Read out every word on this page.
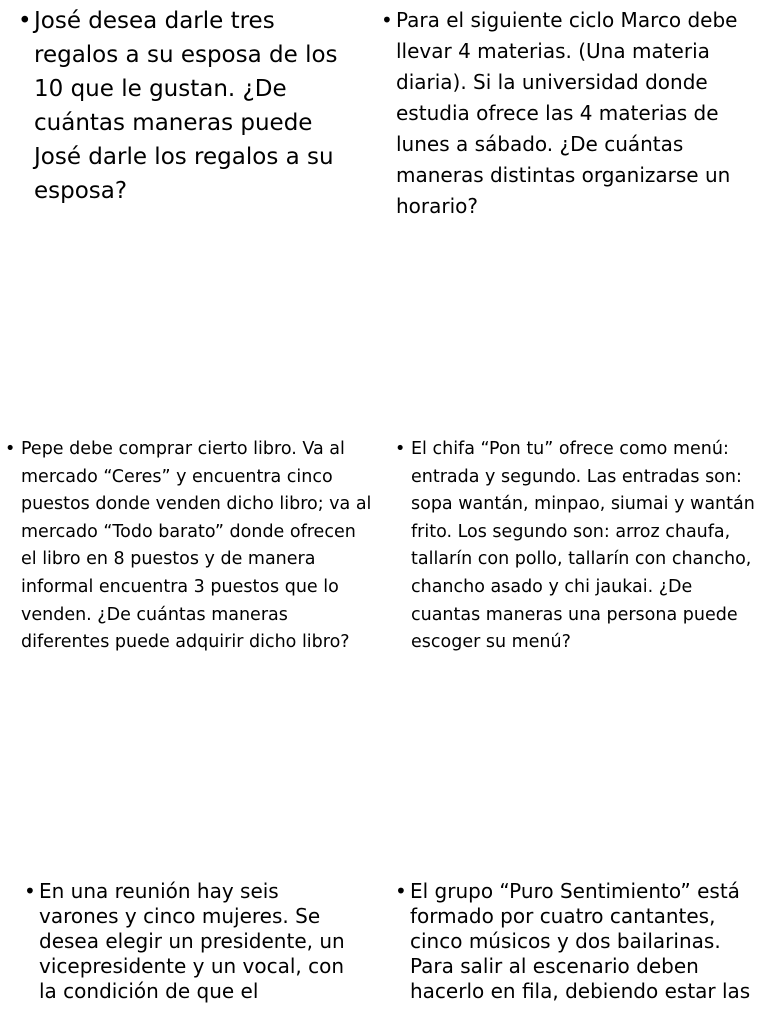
• José desea darle tres regalos a su esposa de los 10 que le gustan. ¿De cuántas maneras puede José darle los regalos a su esposa?
• Para el siguiente ciclo Marco debe llevar 4 materias. (Una materia diaria). Si la universidad donde estudia ofrece las 4 materias de lunes a sábado. ¿De cuántas maneras distintas organizarse un horario?
• Pepe debe comprar cierto libro. Va al mercado “Ceres” y encuentra cinco puestos donde venden dicho libro; va al mercado “Todo barato” donde ofrecen el libro en 8 puestos y de manera informal encuentra 3 puestos que lo venden. ¿De cuántas maneras diferentes puede adquirir dicho libro?
• El chifa “Pon tu” ofrece como menú: entrada y segundo. Las entradas son: sopa wantán, minpao, siumai y wantán frito. Los segundo son: arroz chaufa, tallarín con pollo, tallarín con chancho, chancho asado y chi jaukai. ¿De cuantas maneras una persona puede escoger su menú?
• En una reunión hay seis varones y cinco mujeres. Se desea elegir un presidente, un vicepresidente y un vocal, con la condición de que el
• El grupo “Puro Sentimiento” está formado por cuatro cantantes, cinco músicos y dos bailarinas. Para salir al escenario deben hacerlo en fila, debiendo estar las
